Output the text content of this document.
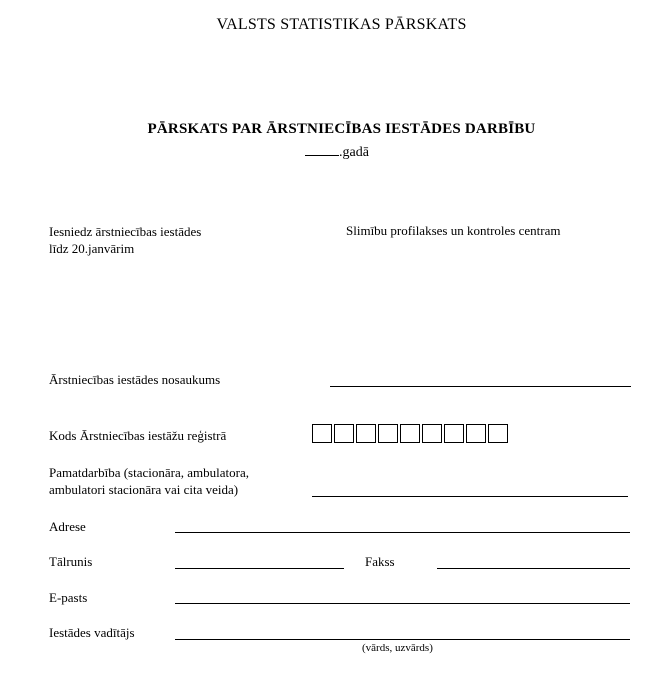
VALSTS STATISTIKAS PĀRSKATS
PĀRSKATS PAR ĀRSTNIECĪBAS IESTĀDES DARBĪBU
.gadā
Iesniedz ārstniecības iestādes
līdz 20.janvārim
Slimību profilakses un kontroles centram
Ārstniecības iestādes nosaukums
Kods Ārstniecības iestāžu reģistrā
Pamatdarbība (stacionāra, ambulatora,
ambulatori stacionāra vai cita veida)
Adrese
Tālrunis	Fakss
E-pasts
Iestādes vadītājs
(vārds, uzvārds)
